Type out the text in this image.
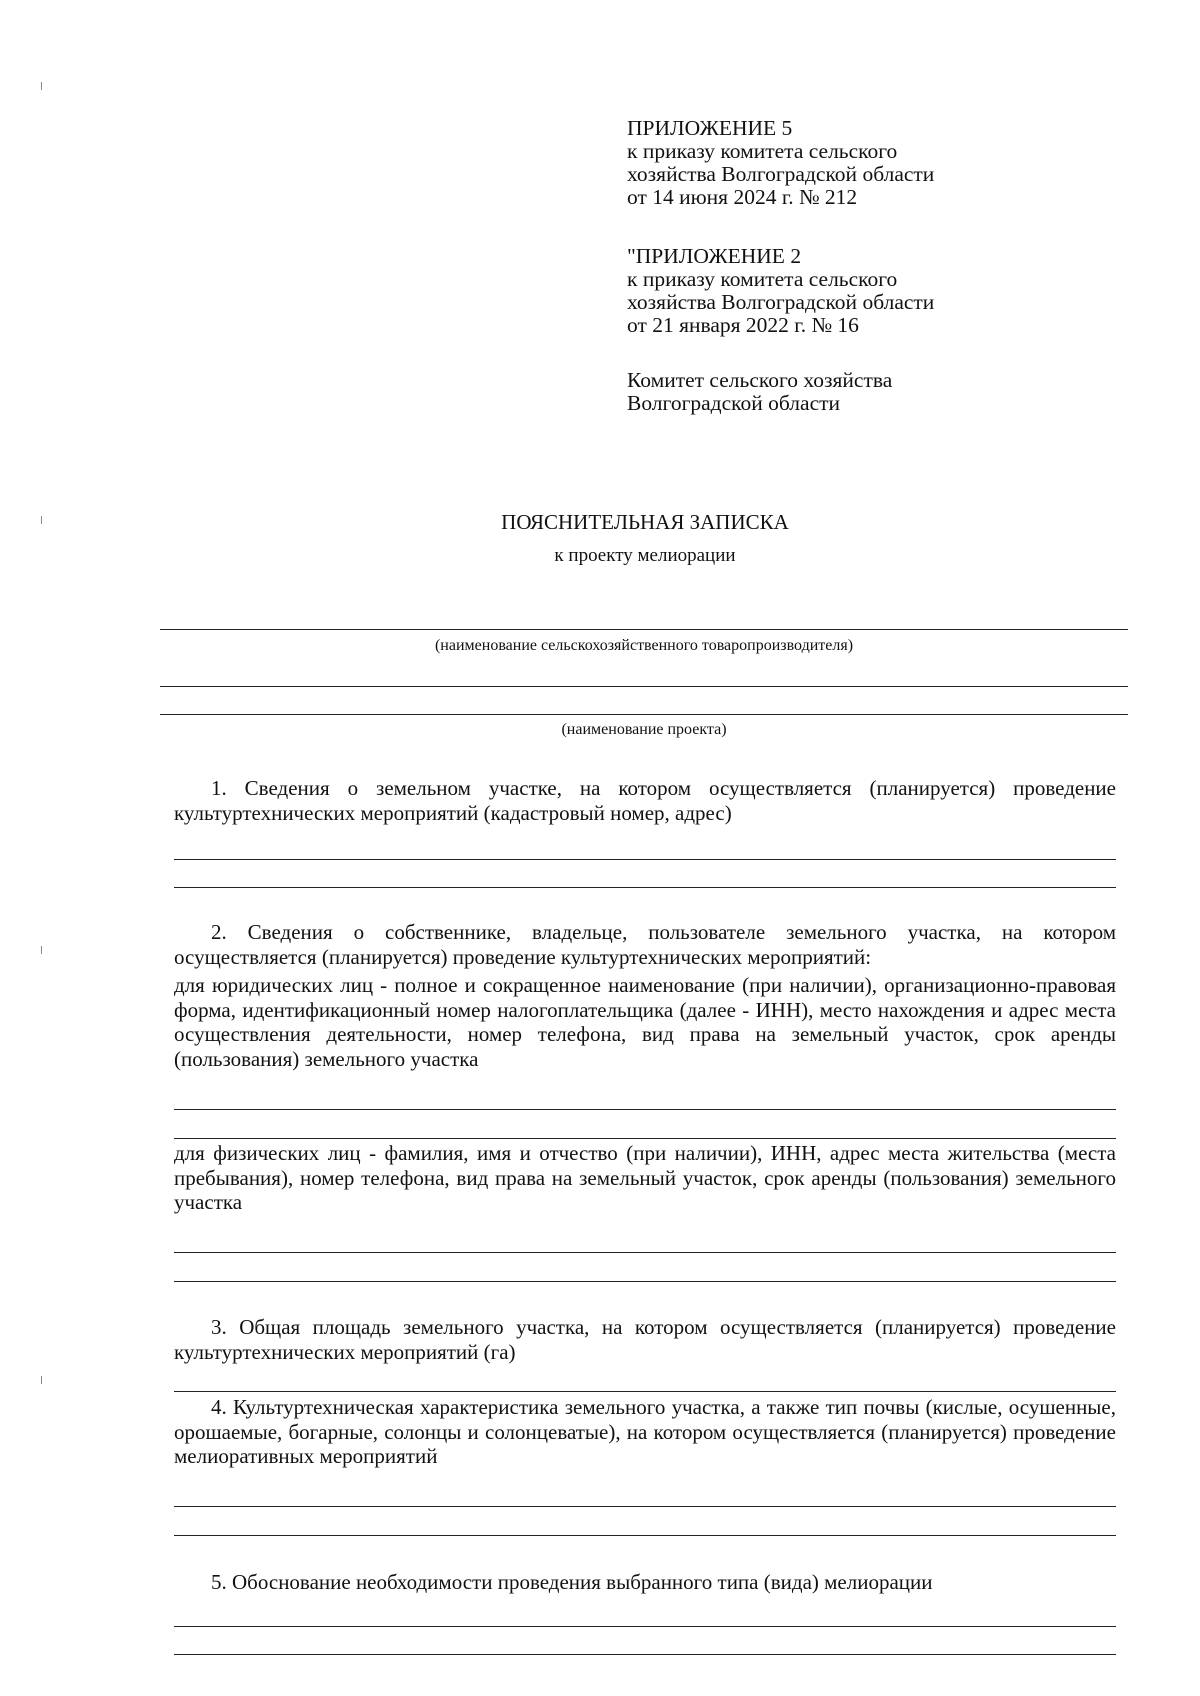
ПРИЛОЖЕНИЕ 5
к приказу комитета сельского
хозяйства Волгоградской области
от 14 июня 2024 г. № 212
"ПРИЛОЖЕНИЕ 2
к приказу комитета сельского
хозяйства Волгоградской области
от 21 января 2022 г. № 16
Комитет сельского хозяйства
Волгоградской области
ПОЯСНИТЕЛЬНАЯ ЗАПИСКА
к проекту мелиорации
(наименование сельскохозяйственного товаропроизводителя)
(наименование проекта)

1. Сведения о земельном участке, на котором осуществляется (планируется) проведение культуртехнических мероприятий (кадастровый номер, адрес)

2. Сведения о собственнике, владельце, пользователе земельного участка, на котором осуществляется (планируется) проведение культуртехнических мероприятий:

для юридических лиц - полное и сокращенное наименование (при наличии), организационно-правовая форма, идентификационный номер налогоплательщика (далее - ИНН), место нахождения и адрес места осуществления деятельности, номер телефона, вид права на земельный участок, срок аренды (пользования) земельного участка

для физических лиц - фамилия, имя и отчество (при наличии), ИНН, адрес места жительства (места пребывания), номер телефона, вид права на земельный участок, срок аренды (пользования) земельного участка

3. Общая площадь земельного участка, на котором осуществляется (планируется) проведение культуртехнических мероприятий (га)

4. Культуртехническая характеристика земельного участка, а также тип почвы (кислые, осушенные, орошаемые, богарные, солонцы и солонцеватые), на котором осуществляется (планируется) проведение мелиоративных мероприятий

5. Обоснование необходимости проведения выбранного типа (вида) мелиорации
